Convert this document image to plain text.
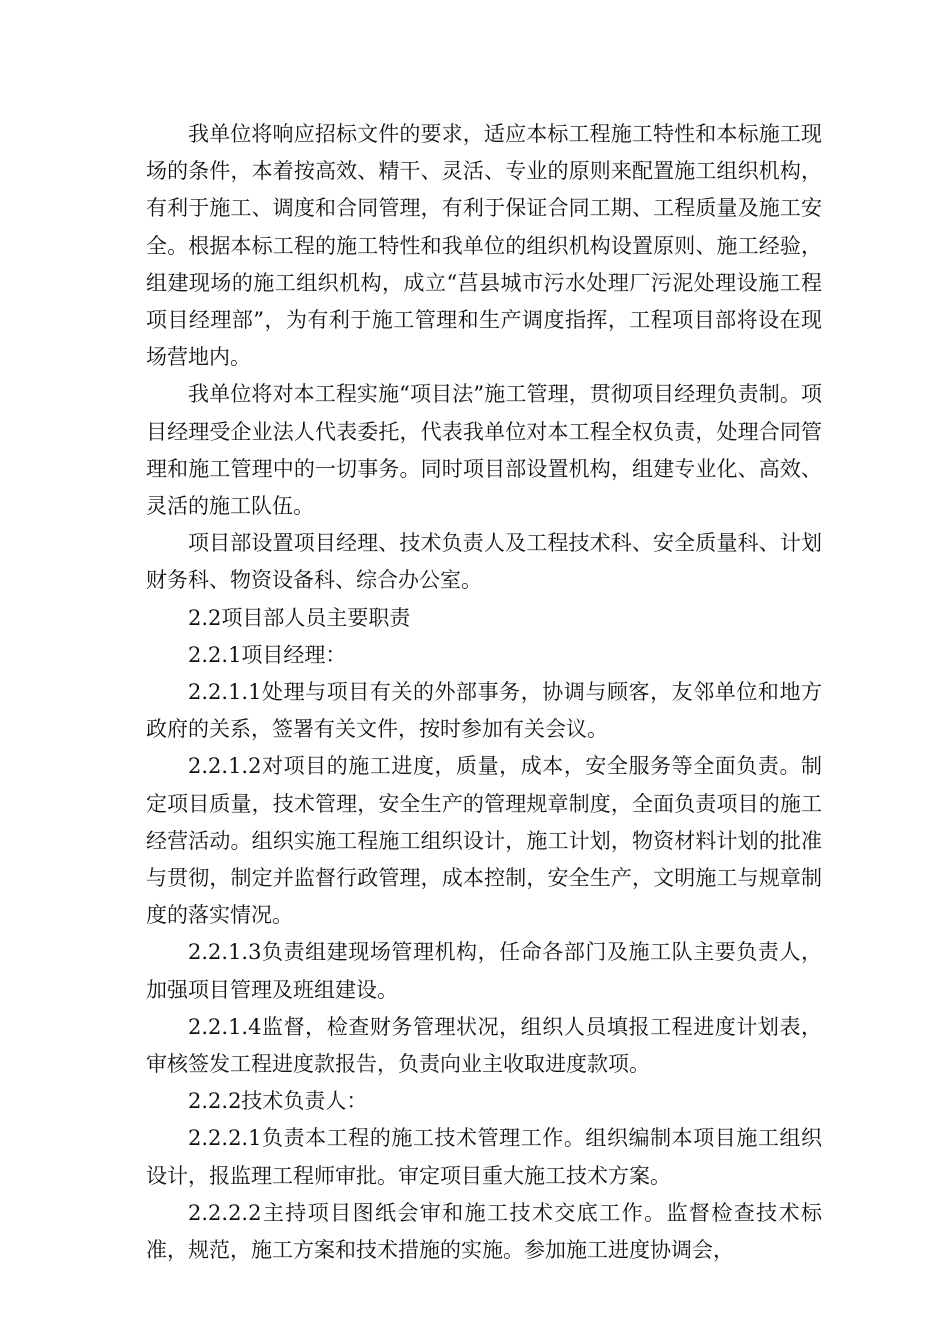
我单位将响应招标文件的要求，适应本标工程施工特性和本标施工现场的条件，本着按高效、精干、灵活、专业的原则来配置施工组织机构，有利于施工、调度和合同管理，有利于保证合同工期、工程质量及施工安全。根据本标工程的施工特性和我单位的组织机构设置原则、施工经验，组建现场的施工组织机构，成立“莒县城市污水处理厂污泥处理设施工程项目经理部”，为有利于施工管理和生产调度指挥，工程项目部将设在现场营地内。

我单位将对本工程实施“项目法”施工管理，贯彻项目经理负责制。项目经理受企业法人代表委托，代表我单位对本工程全权负责，处理合同管理和施工管理中的一切事务。同时项目部设置机构，组建专业化、高效、灵活的施工队伍。

项目部设置项目经理、技术负责人及工程技术科、安全质量科、计划财务科、物资设备科、综合办公室。

2.2项目部人员主要职责

2.2.1项目经理：

2.2.1.1处理与项目有关的外部事务，协调与顾客，友邻单位和地方政府的关系，签署有关文件，按时参加有关会议。

2.2.1.2对项目的施工进度，质量，成本，安全服务等全面负责。制定项目质量，技术管理，安全生产的管理规章制度，全面负责项目的施工经营活动。组织实施工程施工组织设计，施工计划，物资材料计划的批准与贯彻，制定并监督行政管理，成本控制，安全生产，文明施工与规章制度的落实情况。

2.2.1.3负责组建现场管理机构，任命各部门及施工队主要负责人，加强项目管理及班组建设。

2.2.1.4监督，检查财务管理状况，组织人员填报工程进度计划表，审核签发工程进度款报告，负责向业主收取进度款项。

2.2.2技术负责人：

2.2.2.1负责本工程的施工技术管理工作。组织编制本项目施工组织设计，报监理工程师审批。审定项目重大施工技术方案。

2.2.2.2主持项目图纸会审和施工技术交底工作。监督检查技术标准，规范，施工方案和技术措施的实施。参加施工进度协调会，
